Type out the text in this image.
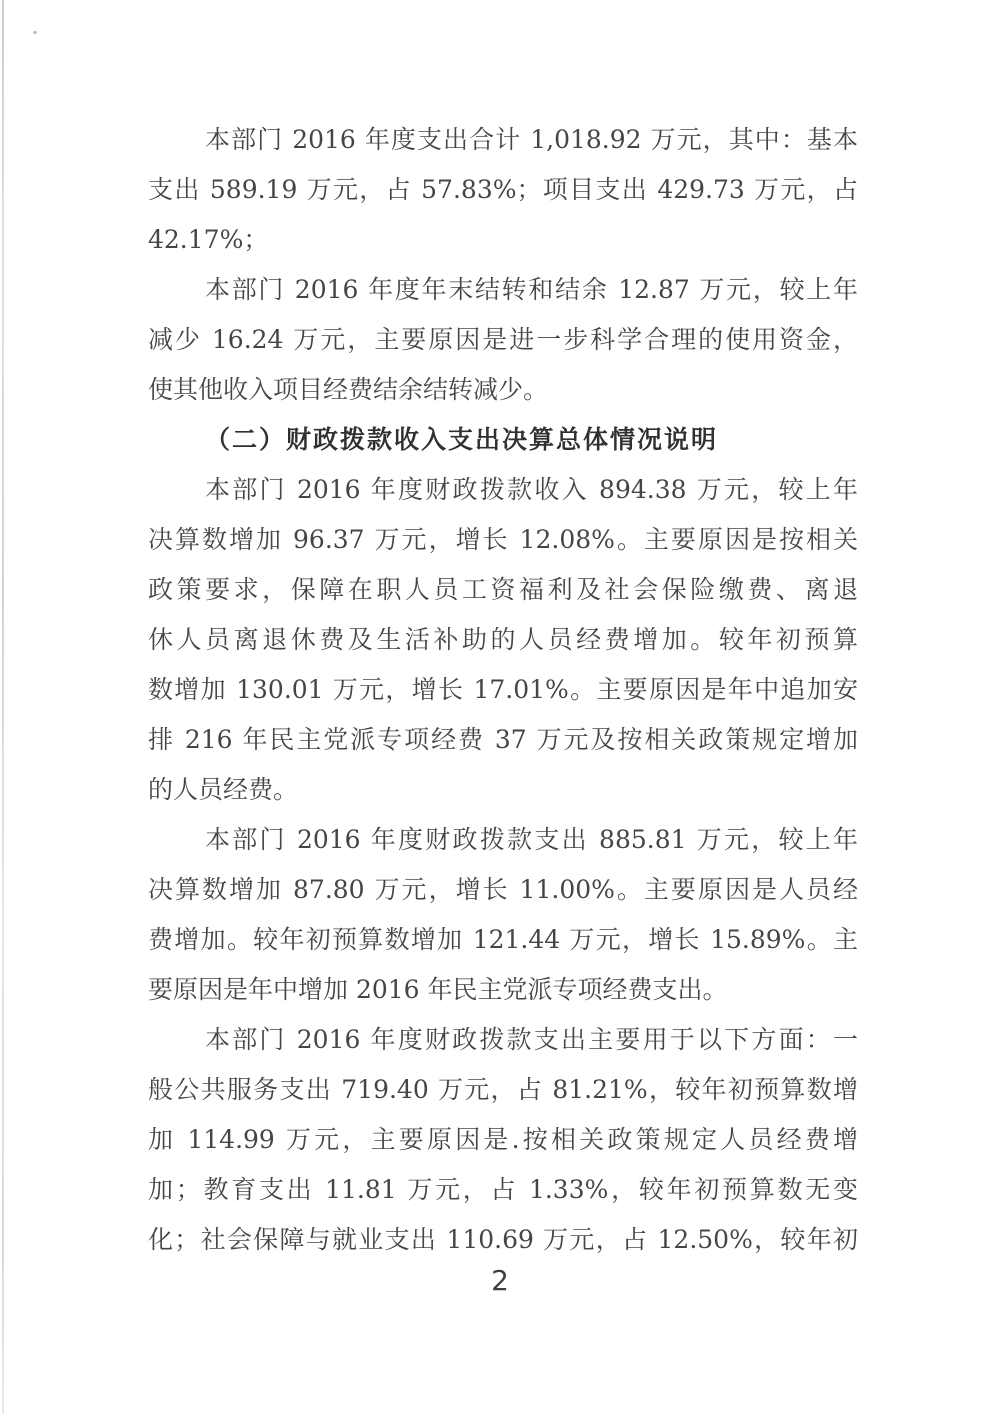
本部门 2016 年度支出合计 1,018.92 万元，其中：基本
支出 589.19 万元，占 57.83%；项目支出 429.73 万元，占
42.17%；
本部门 2016 年度年末结转和结余 12.87 万元，较上年
减少 16.24 万元，主要原因是进一步科学合理的使用资金，
使其他收入项目经费结余结转减少。
（二）财政拨款收入支出决算总体情况说明
本部门 2016 年度财政拨款收入 894.38 万元，较上年
决算数增加 96.37 万元，增长 12.08%。主要原因是按相关
政策要求，保障在职人员工资福利及社会保险缴费、离退
休人员离退休费及生活补助的人员经费增加。较年初预算
数增加 130.01 万元，增长 17.01%。主要原因是年中追加安
排 216 年民主党派专项经费 37 万元及按相关政策规定增加
的人员经费。
本部门 2016 年度财政拨款支出 885.81 万元，较上年
决算数增加 87.80 万元，增长 11.00%。主要原因是人员经
费增加。较年初预算数增加 121.44 万元，增长 15.89%。主
要原因是年中增加 2016 年民主党派专项经费支出。
本部门 2016 年度财政拨款支出主要用于以下方面：一
般公共服务支出 719.40 万元，占 81.21%，较年初预算数增
加 114.99 万元，主要原因是.按相关政策规定人员经费增
加；教育支出 11.81 万元，占 1.33%，较年初预算数无变
化；社会保障与就业支出 110.69 万元，占 12.50%，较年初
2
